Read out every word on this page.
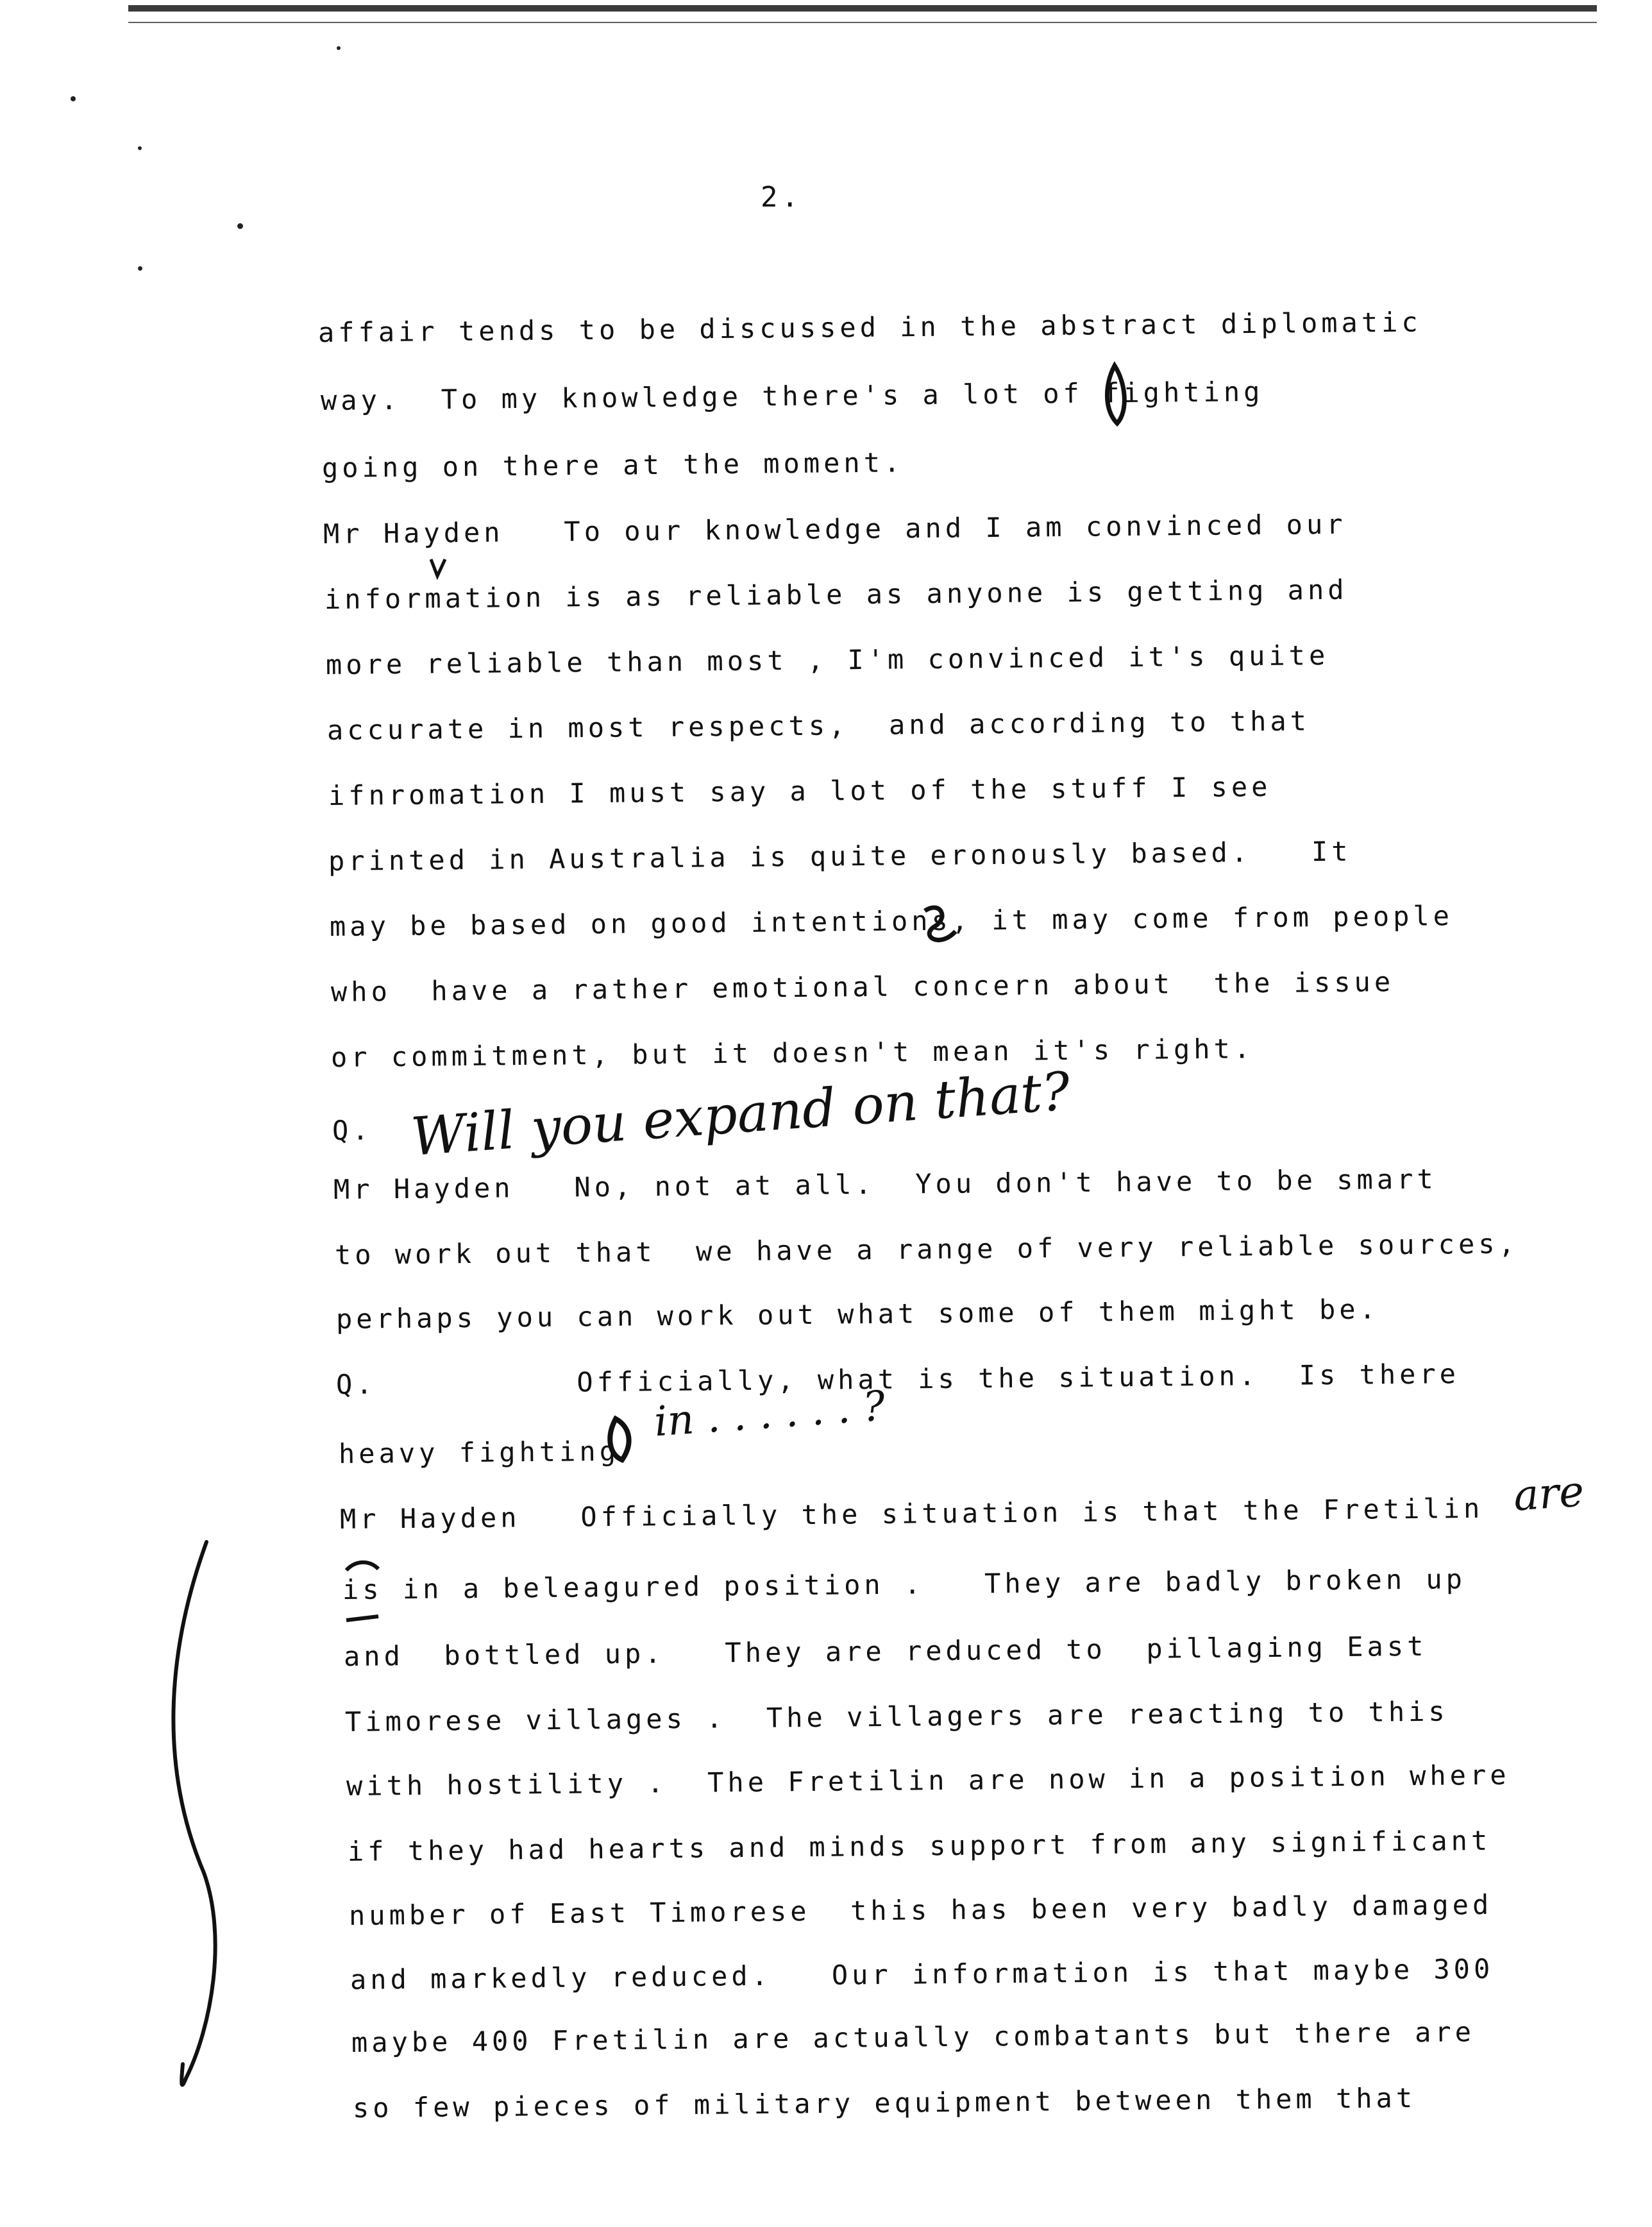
2.
affair tends to be discussed in the abstract diplomatic
way.  To my knowledge there's a lot of fighting
going on there at the moment.
Mr Hayden   To our knowledge and I am convinced our
information is as reliable as anyone is getting and
more reliable than most , I'm convinced it's quite
accurate in most respects,  and according to that
ifnromation I must say a lot of the stuff I see
printed in Australia is quite eronously based.   It
may be based on good intentions, it may come from people
who  have a rather emotional concern about  the issue
or commitment, but it doesn't mean it's right.
Q.
Mr Hayden   No, not at all.  You don't have to be smart
to work out that  we have a range of very reliable sources,
perhaps you can work out what some of them might be.
Q.          Officially, what is the situation.  Is there
heavy fighting
Mr Hayden   Officially the situation is that the Fretilin
is in a beleagured position .   They are badly broken up
and  bottled up.   They are reduced to  pillaging East
Timorese villages .  The villagers are reacting to this
with hostility .  The Fretilin are now in a position where
if they had hearts and minds support from any significant
number of East Timorese  this has been very badly damaged
and markedly reduced.   Our information is that maybe 300
maybe 400 Fretilin are actually combatants but there are
so few pieces of military equipment between them that
Will you expand on that?
in . . . . . . ?
are
